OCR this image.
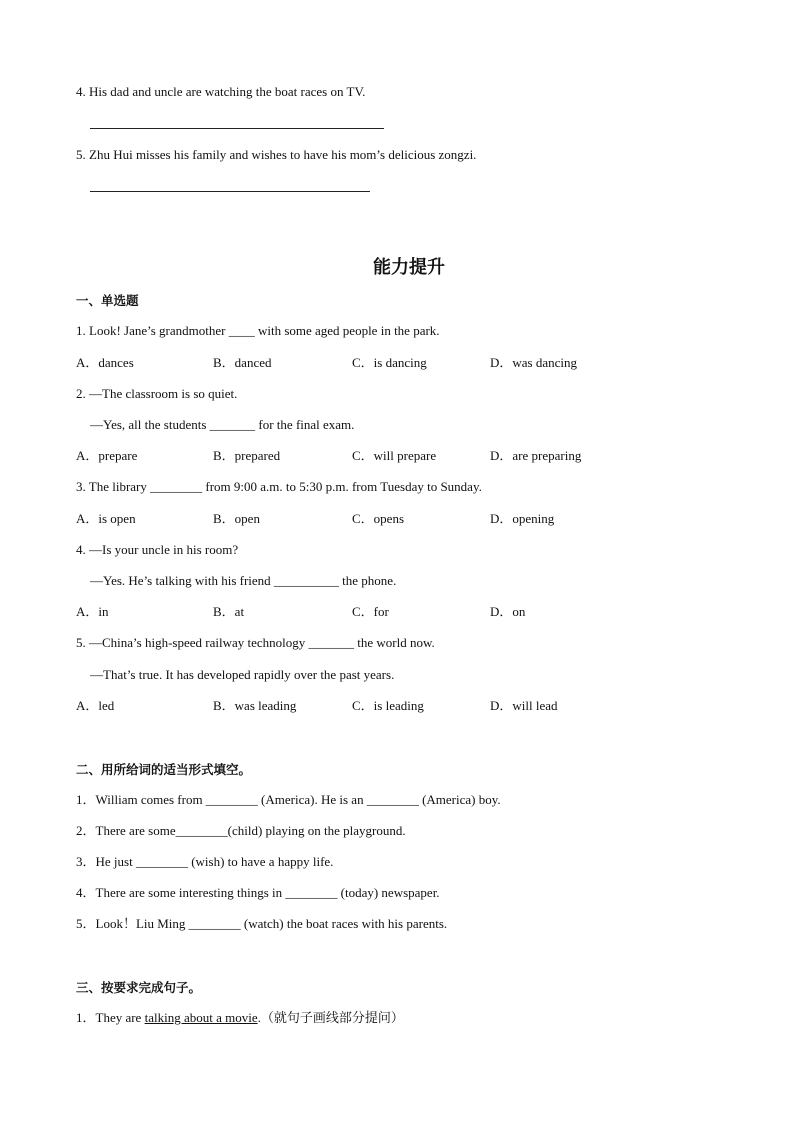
4. His dad and uncle are watching the boat races on TV.
5. Zhu Hui misses his family and wishes to have his mom’s delicious zongzi.
能力提升
一、单选题
1. Look! Jane’s grandmother ____ with some aged people in the park.
A．dances	B．danced	C．is dancing	D．was dancing
2. —The classroom is so quiet.
—Yes, all the students _______ for the final exam.
A．prepare	B．prepared	C．will prepare	D．are preparing
3. The library ________ from 9:00 a.m. to 5:30 p.m. from Tuesday to Sunday.
A．is open	B．open	C．opens	D．opening
4. —Is your uncle in his room?
—Yes. He’s talking with his friend __________ the phone.
A．in	B．at	C．for	D．on
5. —China’s high-speed railway technology _______ the world now.
—That’s true. It has developed rapidly over the past years.
A．led	B．was leading	C．is leading	D．will lead
二、用所给词的适当形式填空。
1．William comes from ________ (America). He is an ________ (America) boy.
2．There are some________(child) playing on the playground.
3．He just ________ (wish) to have a happy life.
4．There are some interesting things in ________ (today) newspaper.
5．Look！Liu Ming ________ (watch) the boat races with his parents.
三、按要求完成句子。
1．They are talking about a movie.（就句子画线部分提问）
